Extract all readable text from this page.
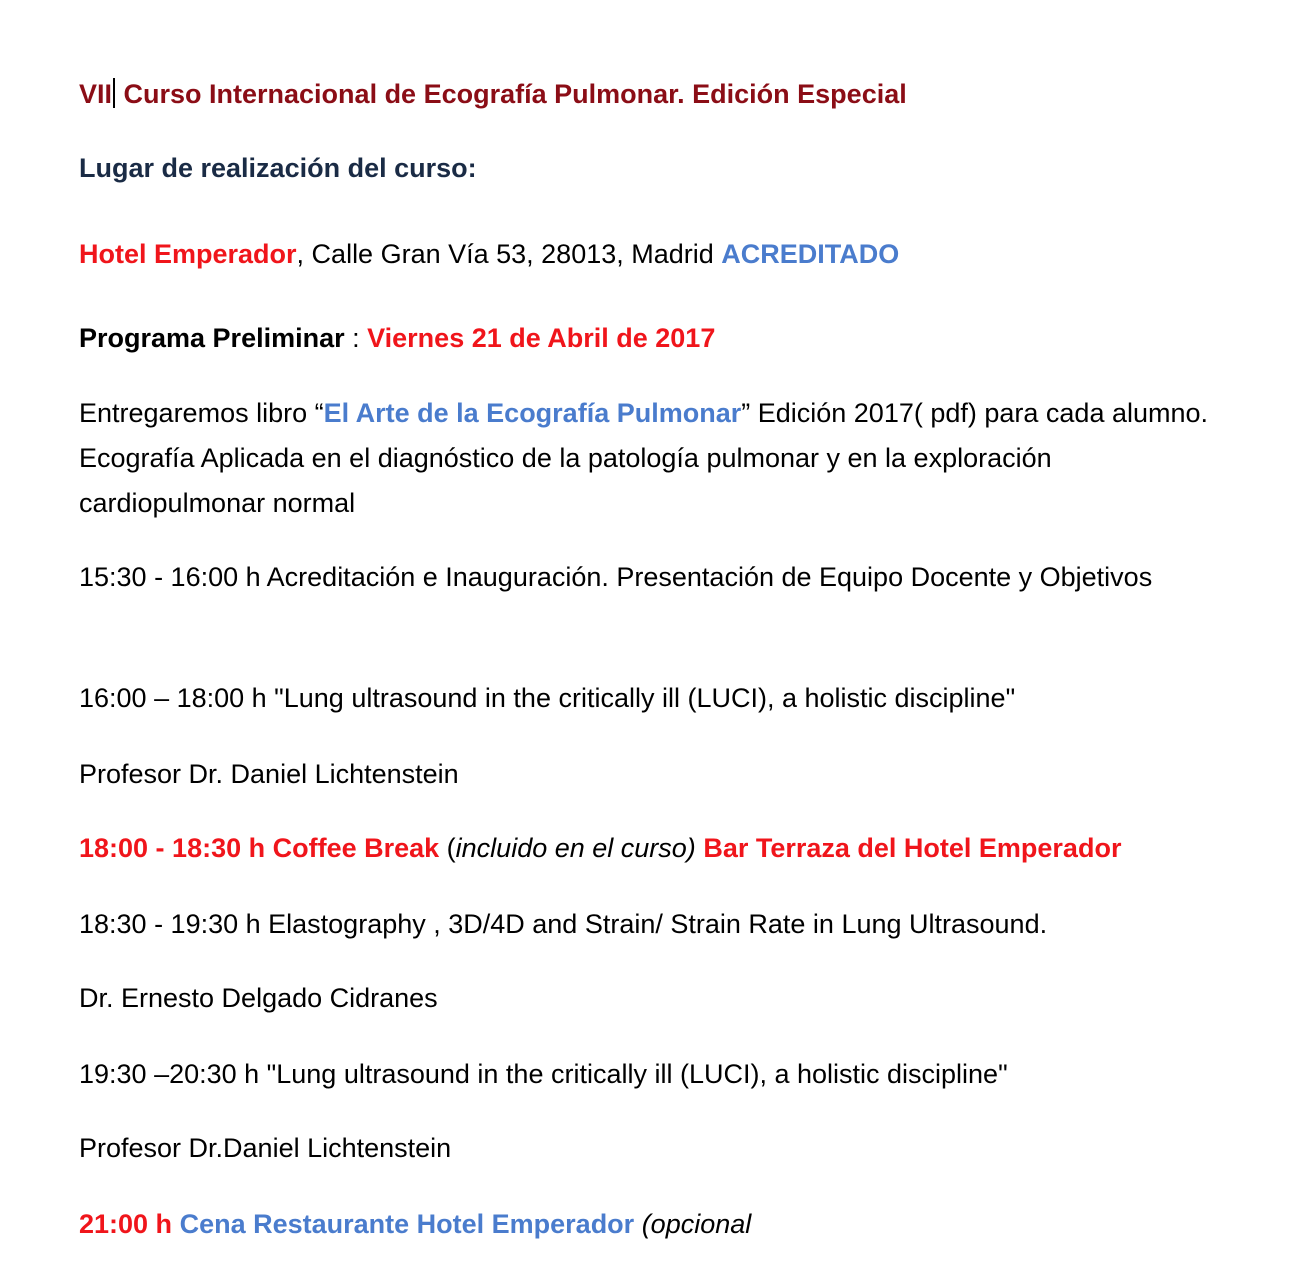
VII Curso Internacional de Ecografía Pulmonar. Edición Especial
Lugar de realización del curso:
Hotel Emperador, Calle Gran Vía 53, 28013, Madrid ACREDITADO
Programa Preliminar : Viernes 21 de Abril de 2017
Entregaremos libro “El Arte de la Ecografía Pulmonar” Edición 2017( pdf) para cada alumno. Ecografía Aplicada en el diagnóstico de la patología pulmonar y en la exploración cardiopulmonar normal
15:30 - 16:00 h Acreditación e Inauguración. Presentación de Equipo Docente y Objetivos
16:00 – 18:00 h "Lung ultrasound in the critically ill (LUCI), a holistic discipline"
Profesor Dr. Daniel Lichtenstein
18:00 - 18:30 h Coffee Break (incluido en el curso) Bar Terraza del Hotel Emperador
18:30 - 19:30 h Elastography , 3D/4D and Strain/ Strain Rate in Lung Ultrasound.
Dr. Ernesto Delgado Cidranes
19:30 –20:30 h "Lung ultrasound in the critically ill (LUCI), a holistic discipline"
Profesor Dr.Daniel Lichtenstein
21:00 h Cena Restaurante Hotel Emperador (opcional
